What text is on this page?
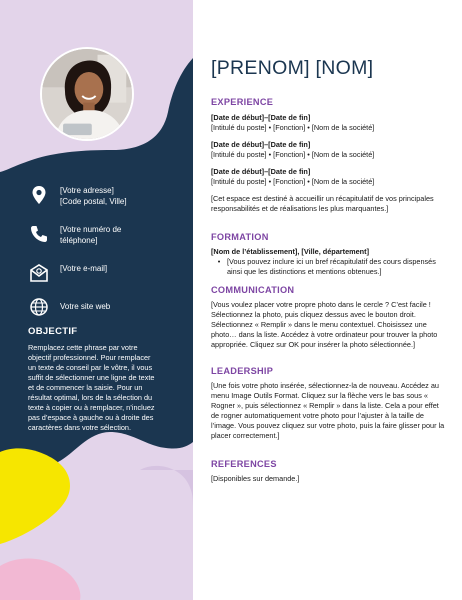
[Votre adresse]
[Code postal, Ville]
[Votre numéro de
téléphone]
[Votre e-mail]
Votre site web
OBJECTIF
Remplacez cette phrase par votre objectif professionnel. Pour remplacer un texte de conseil par le vôtre, il vous suffit de sélectionner une ligne de texte et de commencer la saisie. Pour un résultat optimal, lors de la sélection du texte à copier ou à remplacer, n’incluez pas d’espace à gauche ou à droite des caractères dans votre sélection.
[PRENOM] [NOM]
EXPERIENCE
[Date de début]–[Date de fin]
[Intitulé du poste] • [Fonction] • [Nom de la société]
[Date de début]–[Date de fin]
[Intitulé du poste] • [Fonction] • [Nom de la société]
[Date de début]–[Date de fin]
[Intitulé du poste] • [Fonction] • [Nom de la société]
[Cet espace est destiné à accueillir un récapitulatif de vos principales responsabilités et de réalisations les plus marquantes.]
FORMATION
[Nom de l’établissement], [Ville, département]
• [Vous pouvez inclure ici un bref récapitulatif des cours dispensés ainsi que les distinctions et mentions obtenues.]
COMMUNICATION
[Vous voulez placer votre propre photo dans le cercle ? C’est facile ! Sélectionnez la photo, puis cliquez dessus avec le bouton droit. Sélectionnez « Remplir » dans le menu contextuel. Choisissez une photo… dans la liste. Accédez à votre ordinateur pour trouver la photo appropriée. Cliquez sur OK pour insérer la photo sélectionnée.]
LEADERSHIP
[Une fois votre photo insérée, sélectionnez-la de nouveau. Accédez au menu Image Outils Format. Cliquez sur la flèche vers le bas sous « Rogner », puis sélectionnez « Remplir » dans la liste. Cela a pour effet de rogner automatiquement votre photo pour l’ajuster à la taille de l’image. Vous pouvez cliquez sur votre photo, puis la faire glisser pour la placer correctement.]
REFERENCES
[Disponibles sur demande.]
